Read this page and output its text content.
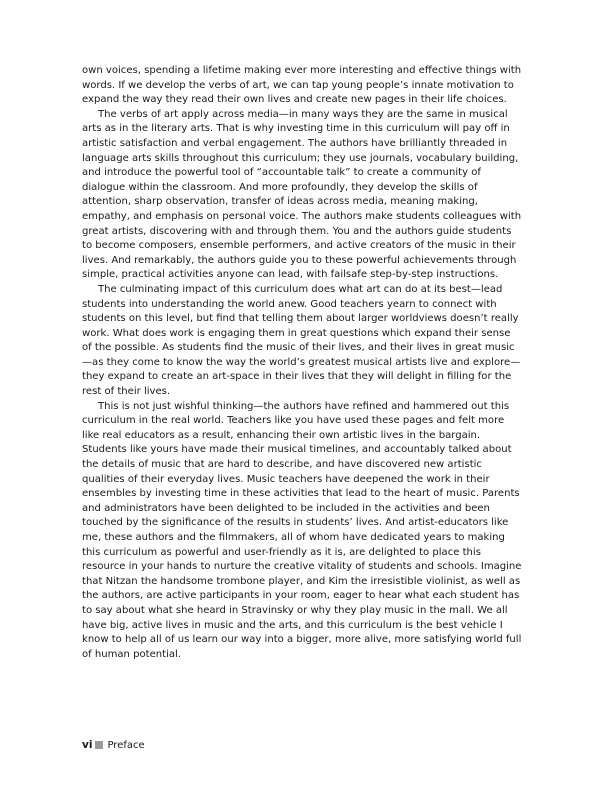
own voices, spending a lifetime making ever more interesting and effective things with words. If we develop the verbs of art, we can tap young people’s innate motivation to expand the way they read their own lives and create new pages in their life choices.

The verbs of art apply across media—in many ways they are the same in musical arts as in the literary arts. That is why investing time in this curriculum will pay off in artistic satisfaction and verbal engagement. The authors have brilliantly threaded in language arts skills throughout this curriculum; they use journals, vocabulary building, and introduce the powerful tool of “accountable talk” to create a community of dialogue within the classroom. And more profoundly, they develop the skills of attention, sharp observation, transfer of ideas across media, meaning making, empathy, and emphasis on personal voice. The authors make students colleagues with great artists, discovering with and through them. You and the authors guide students to become composers, ensemble performers, and active creators of the music in their lives. And remarkably, the authors guide you to these powerful achievements through simple, practical activities anyone can lead, with failsafe step-by-step instructions.

The culminating impact of this curriculum does what art can do at its best—lead students into understanding the world anew. Good teachers yearn to connect with students on this level, but find that telling them about larger worldviews doesn’t really work. What does work is engaging them in great questions which expand their sense of the possible. As students find the music of their lives, and their lives in great music—as they come to know the way the world’s greatest musical artists live and explore—they expand to create an art-space in their lives that they will delight in filling for the rest of their lives.

This is not just wishful thinking—the authors have refined and hammered out this curriculum in the real world. Teachers like you have used these pages and felt more like real educators as a result, enhancing their own artistic lives in the bargain. Students like yours have made their musical timelines, and accountably talked about the details of music that are hard to describe, and have discovered new artistic qualities of their everyday lives. Music teachers have deepened the work in their ensembles by investing time in these activities that lead to the heart of music. Parents and administrators have been delighted to be included in the activities and been touched by the significance of the results in students’ lives. And artist-educators like me, these authors and the filmmakers, all of whom have dedicated years to making this curriculum as powerful and user-friendly as it is, are delighted to place this resource in your hands to nurture the creative vitality of students and schools. Imagine that Nitzan the handsome trombone player, and Kim the irresistible violinist, as well as the authors, are active participants in your room, eager to hear what each student has to say about what she heard in Stravinsky or why they play music in the mall. We all have big, active lives in music and the arts, and this curriculum is the best vehicle I know to help all of us learn our way into a bigger, more alive, more satisfying world full of human potential.

vi Preface
